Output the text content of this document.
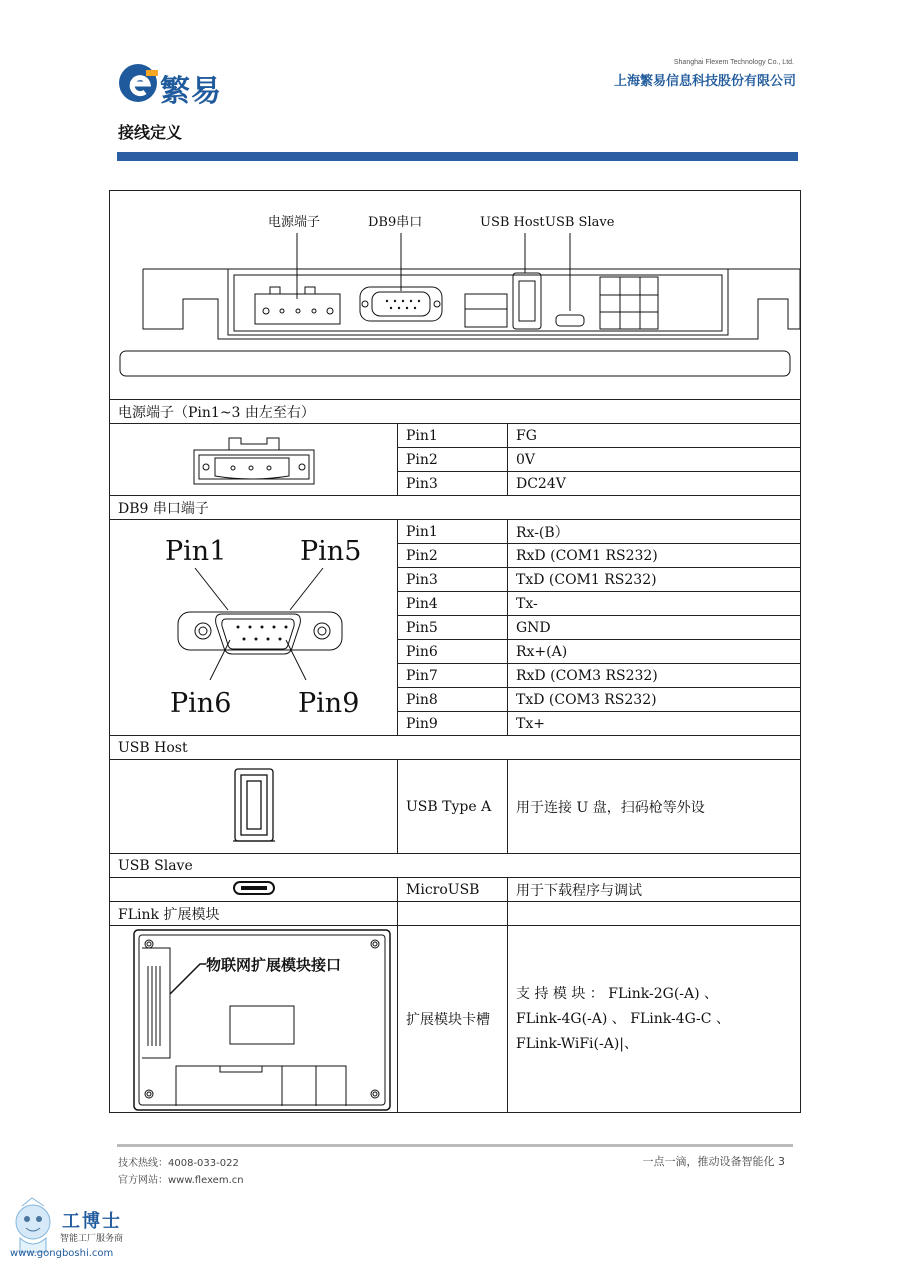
繁易
Shanghai Flexem Technology Co., Ltd.
上海繁易信息科技股份有限公司
接线定义
电源端子 DB9串口 USB Host USB Slave		

电源端子（Pin1~3 由左至右）		
	Pin1	FG
	Pin2	0V
	Pin3	DC24V
DB9 串口端子		

Pin1 Pin5
Pin6 Pin9	Pin1	Rx-(B）
	Pin2	RxD (COM1 RS232)
	Pin3	TxD (COM1 RS232)
	Pin4	Tx-
	Pin5	GND
	Pin6	Rx+(A)
	Pin7	RxD (COM3 RS232)
	Pin8	TxD (COM3 RS232)
	Pin9	Tx+
USB Host		
	USB Type A	用于连接 U 盘，扫码枪等外设
USB Slave		
	MicroUSB	用于下载程序与调试
FLink 扩展模块		

物联网扩展模块接口	扩展模块卡槽	支 持 模 块 ： FLink-2G(-A) 、
FLink-4G(-A) 、 FLink-4G-C 、
FLink-WiFi(-A)|、
技术热线：4008-033-022
官方网站：www.flexem.cn
一点一滴，推动设备智能化 3
工博士
智能工厂服务商
www.gongboshi.com
